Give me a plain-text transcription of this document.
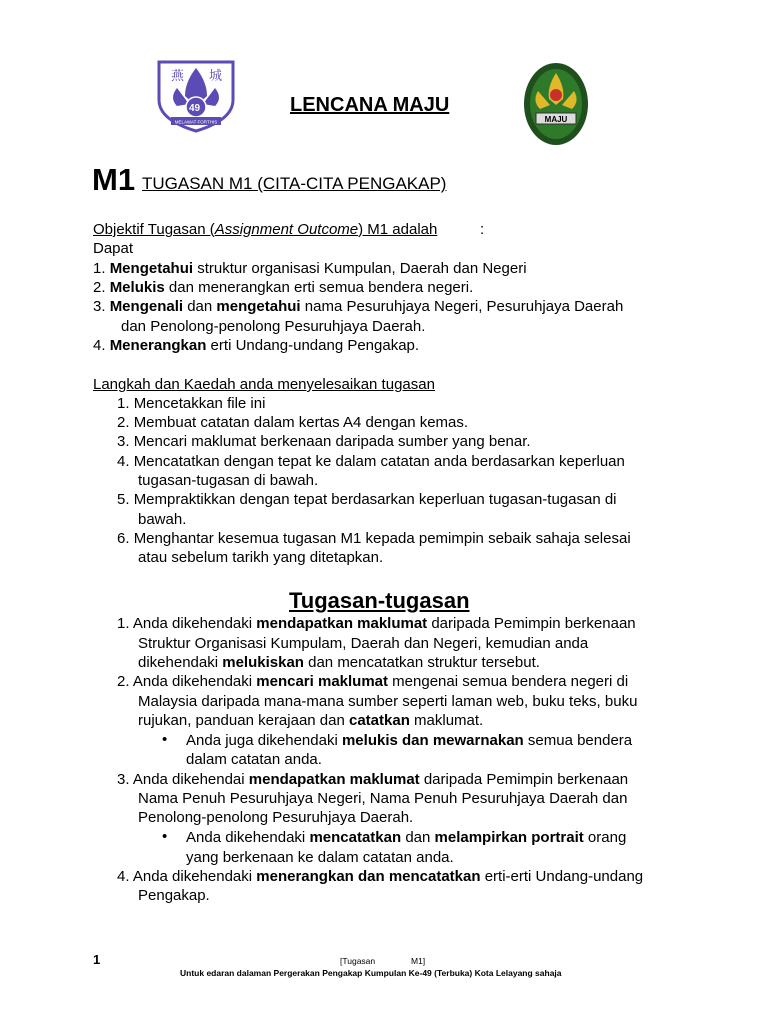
燕 城
49
MELAWAT FORTHIS
LENCANA MAJU
MAJU
M1 TUGASAN M1 (CITA-CITA PENGAKAP)
Objektif Tugasan (Assignment Outcome) M1 adalah	:
Dapat
1. Mengetahui struktur organisasi Kumpulan, Daerah dan Negeri
2. Melukis dan menerangkan erti semua bendera negeri.
3. Mengenali dan mengetahui nama Pesuruhjaya Negeri, Pesuruhjaya Daerah
dan Penolong-penolong Pesuruhjaya Daerah.
4. Menerangkan erti Undang-undang Pengakap.
Langkah dan Kaedah anda menyelesaikan tugasan
1. Mencetakkan file ini
2. Membuat catatan dalam kertas A4 dengan kemas.
3. Mencari maklumat berkenaan daripada sumber yang benar.
4. Mencatatkan dengan tepat ke dalam catatan anda berdasarkan keperluan
tugasan-tugasan di bawah.
5. Mempraktikkan dengan tepat berdasarkan keperluan tugasan-tugasan di
bawah.
6. Menghantar kesemua tugasan M1 kepada pemimpin sebaik sahaja selesai
atau sebelum tarikh yang ditetapkan.
Tugasan-tugasan
1. Anda dikehendaki mendapatkan maklumat daripada Pemimpin berkenaan
Struktur Organisasi Kumpulam, Daerah dan Negeri, kemudian anda
dikehendaki melukiskan dan mencatatkan struktur tersebut.
2. Anda dikehendaki mencari maklumat mengenai semua bendera negeri di
Malaysia daripada mana-mana sumber seperti laman web, buku teks, buku
rujukan, panduan kerajaan dan catatkan maklumat.
• Anda juga dikehendaki melukis dan mewarnakan semua bendera
dalam catatan anda.
3. Anda dikehendai mendapatkan maklumat daripada Pemimpin berkenaan
Nama Penuh Pesuruhjaya Negeri, Nama Penuh Pesuruhjaya Daerah dan
Penolong-penolong Pesuruhjaya Daerah.
• Anda dikehendaki mencatatkan dan melampirkan portrait orang
yang berkenaan ke dalam catatan anda.
4. Anda dikehendaki menerangkan dan mencatatkan erti-erti Undang-undang
Pengakap.
1	[Tugasan	M1]
Untuk edaran dalaman Pergerakan Pengakap Kumpulan Ke-49 (Terbuka) Kota Lelayang sahaja
